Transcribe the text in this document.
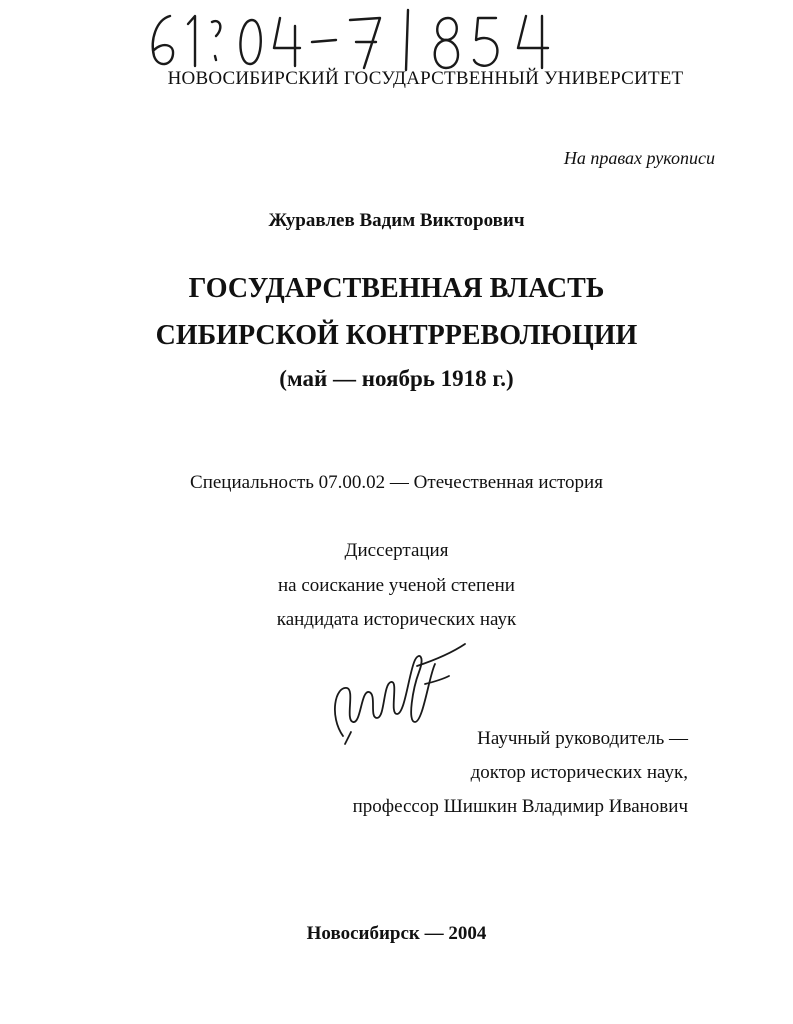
НОВОСИБИРСКИЙ ГОСУДАРСТВЕННЫЙ УНИВЕРСИТЕТ
На правах рукописи
Журавлев Вадим Викторович
ГОСУДАРСТВЕННАЯ ВЛАСТЬ
СИБИРСКОЙ КОНТРРЕВОЛЮЦИИ
(май — ноябрь 1918 г.)
Специальность 07.00.02 — Отечественная история
Диссертация
на соискание ученой степени
кандидата исторических наук
Научный руководитель —
доктор исторических наук,
профессор Шишкин Владимир Иванович
Новосибирск — 2004
